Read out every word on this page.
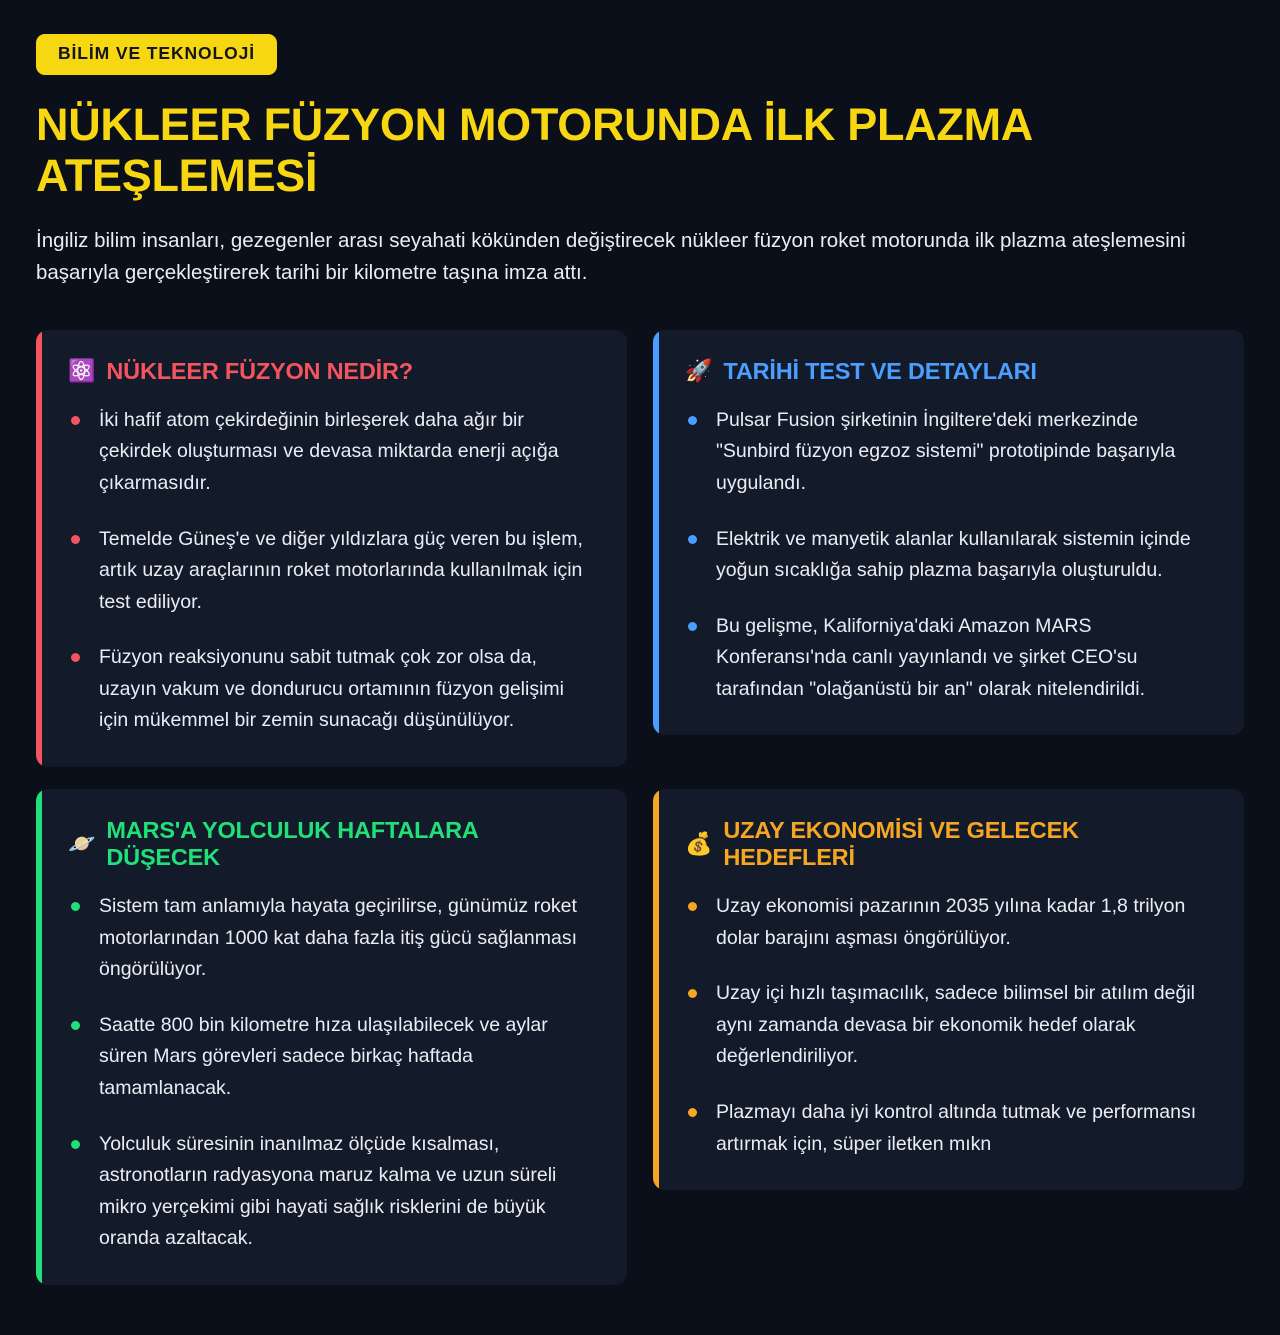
BİLİM VE TEKNOLOJİ
NÜKLEER FÜZYON MOTORUNDA İLK PLAZMA ATEŞLEMESİ

İngiliz bilim insanları, gezegenler arası seyahati kökünden değiştirecek nükleer füzyon roket motorunda ilk plazma ateşlemesini başarıyla gerçekleştirerek tarihi bir kilometre taşına imza attı.

⚛️ NÜKLEER FÜZYON NEDİR?
İki hafif atom çekirdeğinin birleşerek daha ağır bir çekirdek oluşturması ve devasa miktarda enerji açığa çıkarmasıdır.
Temelde Güneş'e ve diğer yıldızlara güç veren bu işlem, artık uzay araçlarının roket motorlarında kullanılmak için test ediliyor.
Füzyon reaksiyonunu sabit tutmak çok zor olsa da, uzayın vakum ve dondurucu ortamının füzyon gelişimi için mükemmel bir zemin sunacağı düşünülüyor.
🚀 TARİHİ TEST VE DETAYLARI
Pulsar Fusion şirketinin İngiltere'deki merkezinde "Sunbird füzyon egzoz sistemi" prototipinde başarıyla uygulandı.
Elektrik ve manyetik alanlar kullanılarak sistemin içinde yoğun sıcaklığa sahip plazma başarıyla oluşturuldu.
Bu gelişme, Kaliforniya'daki Amazon MARS Konferansı'nda canlı yayınlandı ve şirket CEO'su tarafından "olağanüstü bir an" olarak nitelendirildi.
🪐
MARS'A YOLCULUK HAFTALARA DÜŞECEK
Sistem tam anlamıyla hayata geçirilirse, günümüz roket motorlarından 1000 kat daha fazla itiş gücü sağlanması öngörülüyor.
Saatte 800 bin kilometre hıza ulaşılabilecek ve aylar süren Mars görevleri sadece birkaç haftada tamamlanacak.
Yolculuk süresinin inanılmaz ölçüde kısalması, astronotların radyasyona maruz kalma ve uzun süreli mikro yerçekimi gibi hayati sağlık risklerini de büyük oranda azaltacak.
💰
UZAY EKONOMİSİ VE GELECEK HEDEFLERİ
Uzay ekonomisi pazarının 2035 yılına kadar 1,8 trilyon dolar barajını aşması öngörülüyor.
Uzay içi hızlı taşımacılık, sadece bilimsel bir atılım değil aynı zamanda devasa bir ekonomik hedef olarak değerlendiriliyor.
Plazmayı daha iyi kontrol altında tutmak ve performansı artırmak için, süper iletken mıkn
